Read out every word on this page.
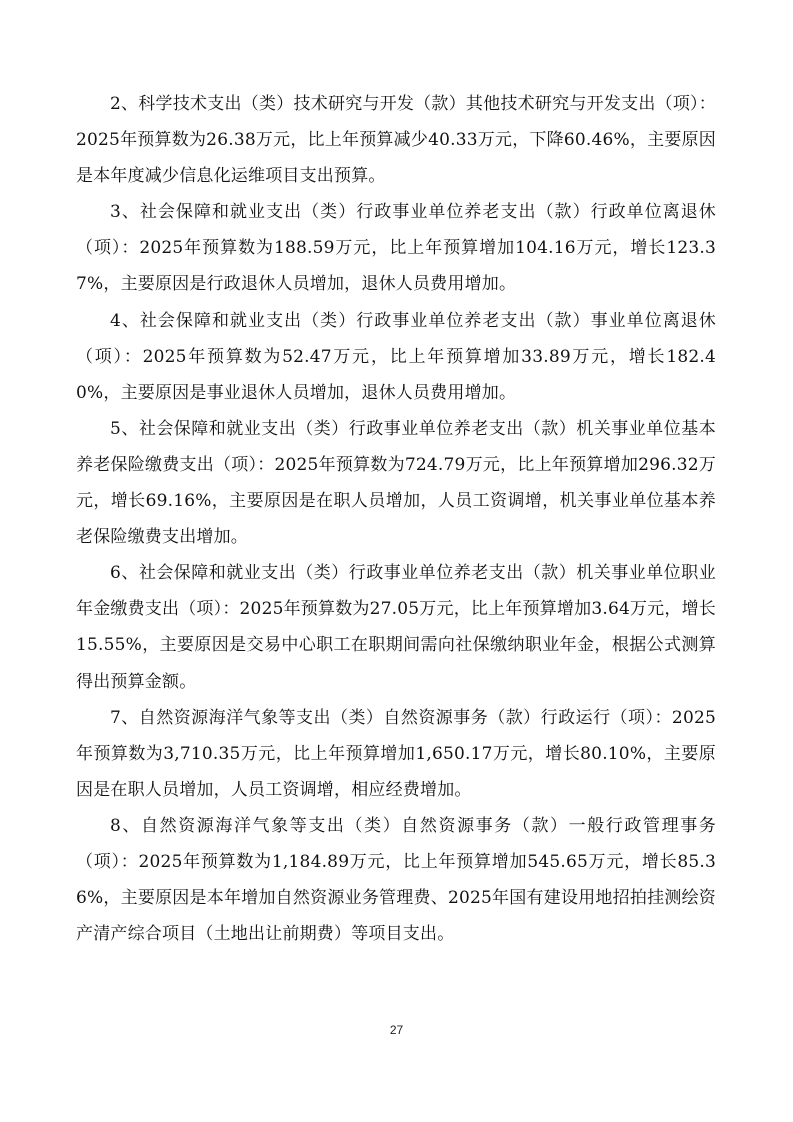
2、科学技术支出（类）技术研究与开发（款）其他技术研究与开发支出（项）：2025年预算数为26.38万元，比上年预算减少40.33万元，下降60.46%，主要原因是本年度减少信息化运维项目支出预算。

3、社会保障和就业支出（类）行政事业单位养老支出（款）行政单位离退休（项）：2025年预算数为188.59万元，比上年预算增加104.16万元，增长123.37%，主要原因是行政退休人员增加，退休人员费用增加。

4、社会保障和就业支出（类）行政事业单位养老支出（款）事业单位离退休（项）：2025年预算数为52.47万元，比上年预算增加33.89万元，增长182.40%，主要原因是事业退休人员增加，退休人员费用增加。

5、社会保障和就业支出（类）行政事业单位养老支出（款）机关事业单位基本养老保险缴费支出（项）：2025年预算数为724.79万元，比上年预算增加296.32万元，增长69.16%，主要原因是在职人员增加，人员工资调增，机关事业单位基本养老保险缴费支出增加。

6、社会保障和就业支出（类）行政事业单位养老支出（款）机关事业单位职业年金缴费支出（项）：2025年预算数为27.05万元，比上年预算增加3.64万元，增长15.55%，主要原因是交易中心职工在职期间需向社保缴纳职业年金，根据公式测算得出预算金额。

7、自然资源海洋气象等支出（类）自然资源事务（款）行政运行（项）：2025年预算数为3,710.35万元，比上年预算增加1,650.17万元，增长80.10%，主要原因是在职人员增加，人员工资调增，相应经费增加。

8、自然资源海洋气象等支出（类）自然资源事务（款）一般行政管理事务（项）：2025年预算数为1,184.89万元，比上年预算增加545.65万元，增长85.36%，主要原因是本年增加自然资源业务管理费、2025年国有建设用地招拍挂测绘资产清产综合项目（土地出让前期费）等项目支出。

27
